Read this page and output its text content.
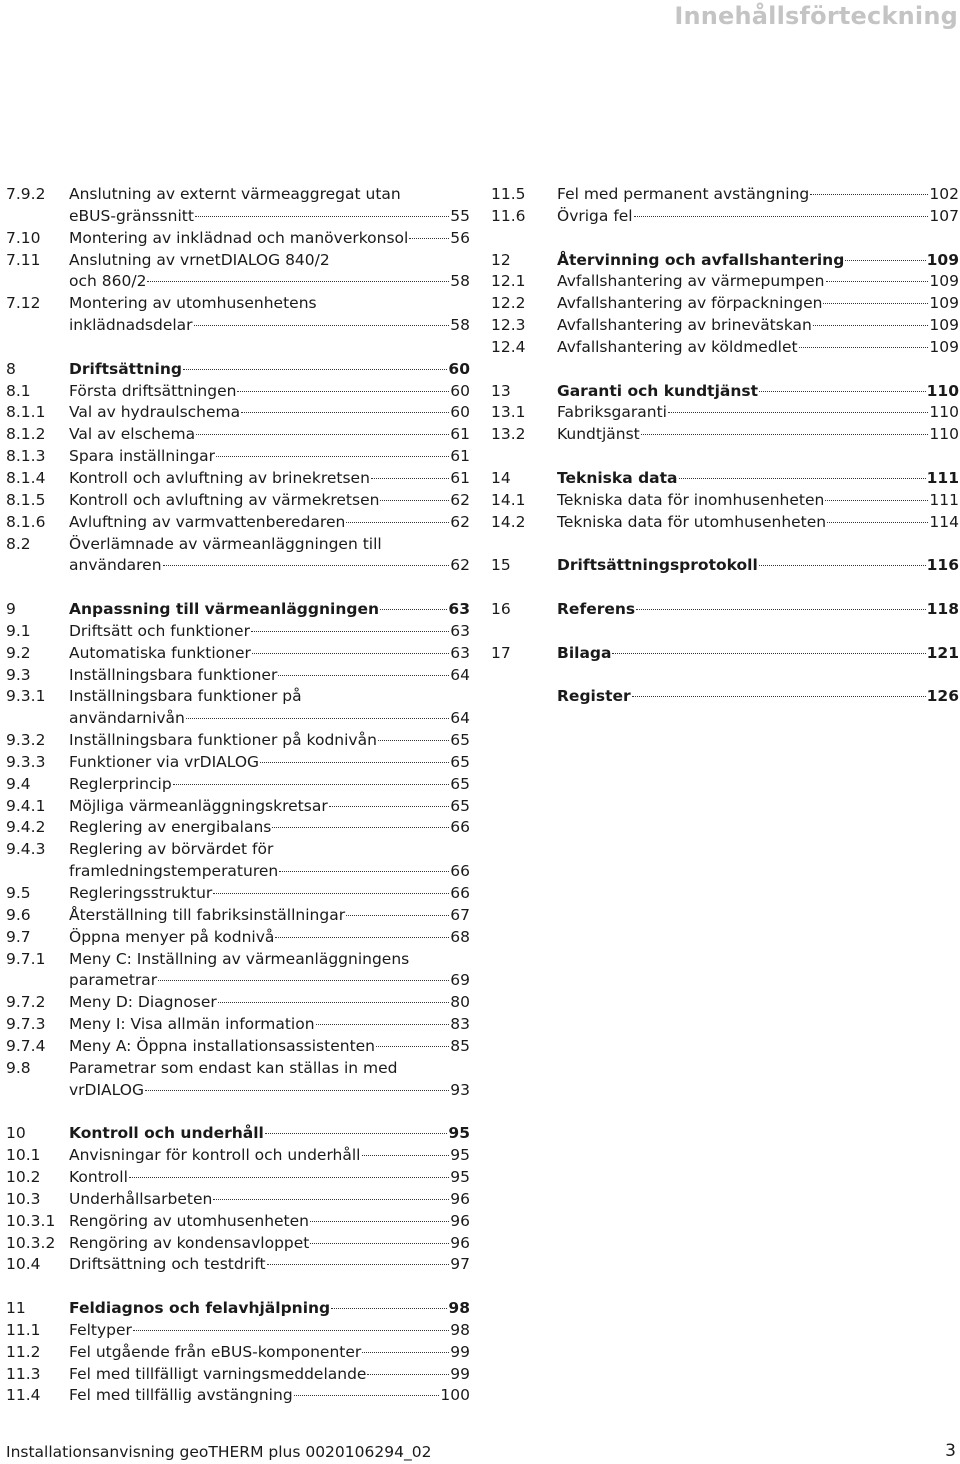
Innehållsförteckning
7.9.2	Anslutning av externt värmeaggregat utan
eBUS-gränssnitt	55
7.10	Montering av inklädnad och manöverkonsol	56
7.11	Anslutning av vrnetDIALOG 840/2
och 860/2	58
7.12	Montering av utomhusenhetens
inklädnadsdelar	58
8	Driftsättning	60
8.1	Första driftsättningen	60
8.1.1	Val av hydraulschema	60
8.1.2	Val av elschema	61
8.1.3	Spara inställningar	61
8.1.4	Kontroll och avluftning av brinekretsen	61
8.1.5	Kontroll och avluftning av värmekretsen	62
8.1.6	Avluftning av varmvattenberedaren	62
8.2	Överlämnade av värmeanläggningen till
användaren	62
9	Anpassning till värmeanläggningen	63
9.1	Driftsätt och funktioner	63
9.2	Automatiska funktioner	63
9.3	Inställningsbara funktioner	64
9.3.1	Inställningsbara funktioner på
användarnivån	64
9.3.2	Inställningsbara funktioner på kodnivån	65
9.3.3	Funktioner via vrDIALOG	65
9.4	Reglerprincip	65
9.4.1	Möjliga värmeanläggningskretsar	65
9.4.2	Reglering av energibalans	66
9.4.3	Reglering av börvärdet för
framledningstemperaturen	66
9.5	Regleringsstruktur	66
9.6	Återställning till fabriksinställningar	67
9.7	Öppna menyer på kodnivå	68
9.7.1	Meny C: Inställning av värmeanläggningens
parametrar	69
9.7.2	Meny D: Diagnoser	80
9.7.3	Meny I: Visa allmän information	83
9.7.4	Meny A: Öppna installationsassistenten	85
9.8	Parametrar som endast kan ställas in med
vrDIALOG	93
10	Kontroll och underhåll	95
10.1	Anvisningar för kontroll och underhåll	95
10.2	Kontroll	95
10.3	Underhållsarbeten	96
10.3.1 Rengöring av utomhusenheten	96
10.3.2 Rengöring av kondensavloppet	96
10.4	Driftsättning och testdrift	97
11	Feldiagnos och felavhjälpning	98
11.1	Feltyper	98
11.2	Fel utgående från eBUS-komponenter	99
11.3	Fel med tillfälligt varningsmeddelande	99
11.4	Fel med tillfällig avstängning	100
11.5	Fel med permanent avstängning	102
11.6	Övriga fel	107
12	Återvinning och avfallshantering	109
12.1	Avfallshantering av värmepumpen	109
12.2	Avfallshantering av förpackningen	109
12.3	Avfallshantering av brinevätskan	109
12.4	Avfallshantering av köldmedlet	109
13	Garanti och kundtjänst	110
13.1	Fabriksgaranti	110
13.2	Kundtjänst	110
14	Tekniska data	111
14.1	Tekniska data för inomhusenheten	111
14.2	Tekniska data för utomhusenheten	114
15	Driftsättningsprotokoll	116
16	Referens	118
17	Bilaga	121
Register	126
Installationsanvisning geoTHERM plus 0020106294_02	3
